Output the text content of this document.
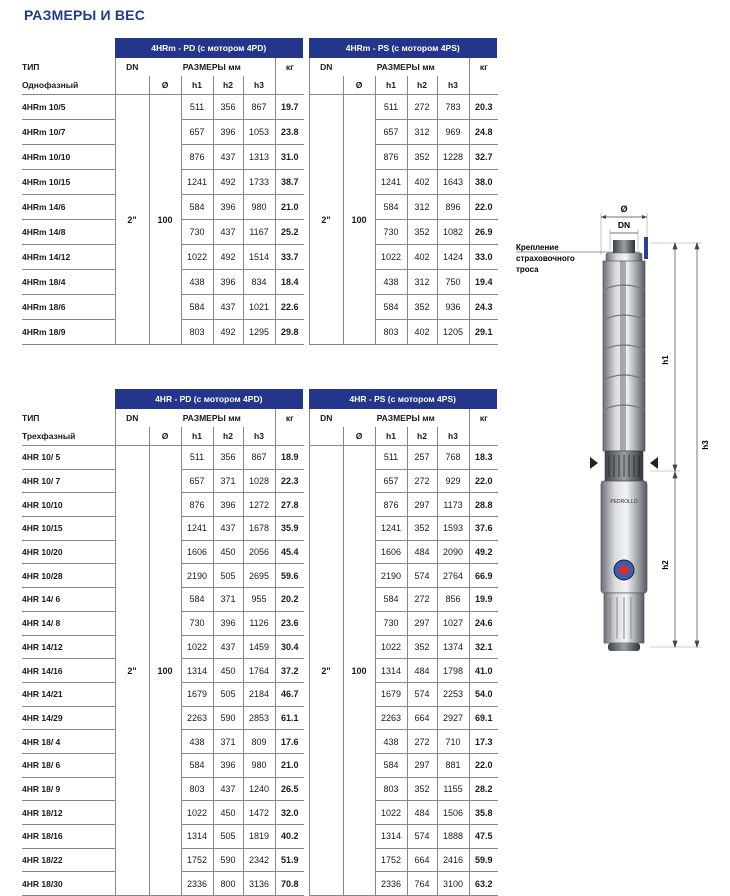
РАЗМЕРЫ И ВЕС
	4HRm - PD (с мотором 4PD)							4HRm - PS (с мотором 4PS)					
ТИП	DN	РАЗМЕРЫ мм				кг		DN	РАЗМЕРЫ мм				кг
Однофазный		Ø	h1	h2	h3				Ø	h1	h2	h3	
4HRm 10/5	2"	100	511	356	867	19.7		2"	100	511	272	783	20.3
4HRm 10/7			657	396	1053	23.8				657	312	969	24.8
4HRm 10/10			876	437	1313	31.0				876	352	1228	32.7
4HRm 10/15			1241	492	1733	38.7				1241	402	1643	38.0
4HRm 14/6			584	396	980	21.0				584	312	896	22.0
4HRm 14/8			730	437	1167	25.2				730	352	1082	26.9
4HRm 14/12			1022	492	1514	33.7				1022	402	1424	33.0
4HRm 18/4			438	396	834	18.4				438	312	750	19.4
4HRm 18/6			584	437	1021	22.6				584	352	936	24.3
4HRm 18/9			803	492	1295	29.8				803	402	1205	29.1
	4HR - PD (с мотором 4PD)							4HR - PS (с мотором 4PS)					
ТИП	DN	РАЗМЕРЫ мм				кг		DN	РАЗМЕРЫ мм				кг
Трехфазный		Ø	h1	h2	h3				Ø	h1	h2	h3	
4HR 10/ 5	2"	100	511	356	867	18.9		2"	100	511	257	768	18.3
4HR 10/ 7			657	371	1028	22.3				657	272	929	22.0
4HR 10/10			876	396	1272	27.8				876	297	1173	28.8
4HR 10/15			1241	437	1678	35.9				1241	352	1593	37.6
4HR 10/20			1606	450	2056	45.4				1606	484	2090	49.2
4HR 10/28			2190	505	2695	59.6				2190	574	2764	66.9
4HR 14/ 6			584	371	955	20.2				584	272	856	19.9
4HR 14/ 8			730	396	1126	23.6				730	297	1027	24.6
4HR 14/12			1022	437	1459	30.4				1022	352	1374	32.1
4HR 14/16			1314	450	1764	37.2				1314	484	1798	41.0
4HR 14/21			1679	505	2184	46.7				1679	574	2253	54.0
4HR 14/29			2263	590	2853	61.1				2263	664	2927	69.1
4HR 18/ 4			438	371	809	17.6				438	272	710	17.3
4HR 18/ 6			584	396	980	21.0				584	297	881	22.0
4HR 18/ 9			803	437	1240	26.5				803	352	1155	28.2
4HR 18/12			1022	450	1472	32.0				1022	484	1506	35.8
4HR 18/16			1314	505	1819	40.2				1314	574	1888	47.5
4HR 18/22			1752	590	2342	51.9				1752	664	2416	59.9
4HR 18/30			2336	800	3136	70.8				2336	764	3100	63.2
Ø
DN
Крепление
страховочного
троса
PEDROLLO
h1
h2
h3
